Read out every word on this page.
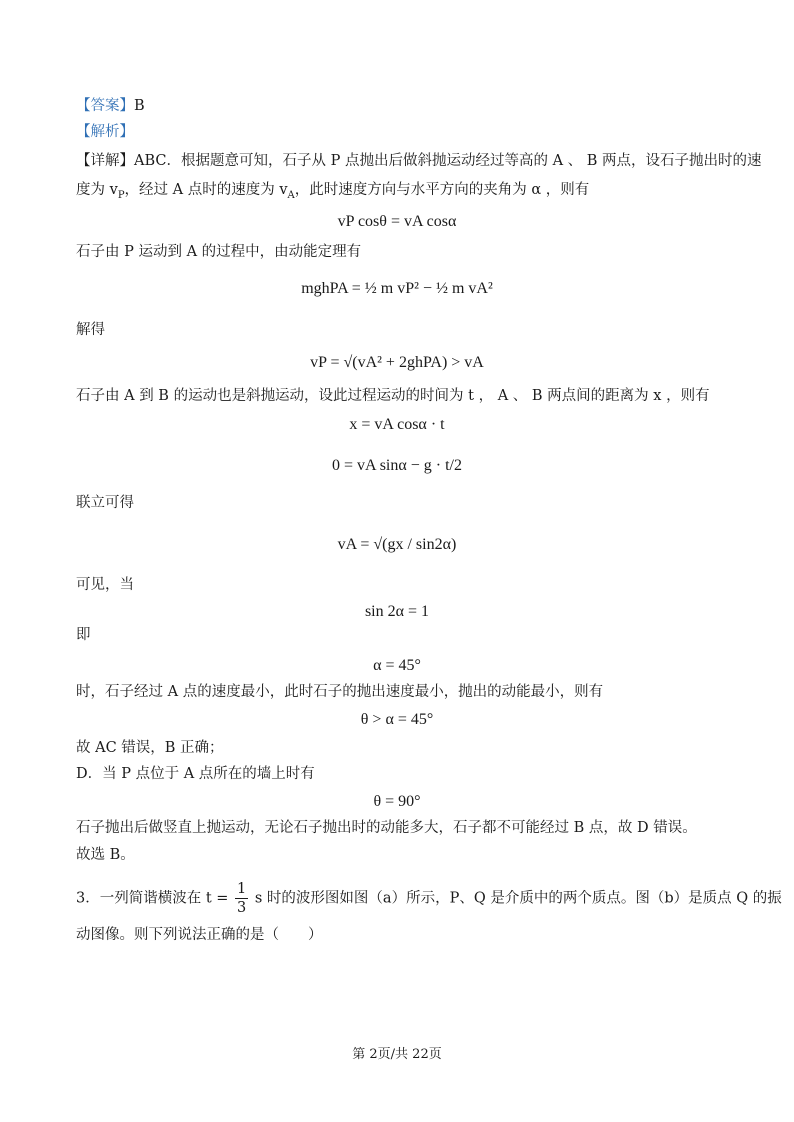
【答案】B
【解析】
【详解】ABC．根据题意可知，石子从 P 点抛出后做斜抛运动经过等高的 A 、 B 两点，设石子抛出时的速
度为 $v_P$，经过 A 点时的速度为 $v_A$，此时速度方向与水平方向的夹角为 α ，则有
vP cosθ = vA cosα
石子由 P 运动到 A 的过程中，由动能定理有
mghPA = ½ m vP² − ½ m vA²
解得
vP = √(vA² + 2ghPA) > vA
石子由 A 到 B 的运动也是斜抛运动，设此过程运动的时间为 t ， A 、 B 两点间的距离为 x ，则有
x = vA cosα · t
0 = vA sinα − g · t/2
联立可得
vA = √(gx / sin2α)
可见，当
sin 2α = 1
即
α = 45°
时，石子经过 A 点的速度最小，此时石子的抛出速度最小，抛出的动能最小，则有
θ > α = 45°
故 AC 错误，B 正确；
D．当 P 点位于 A 点所在的墙上时有
θ = 90°
石子抛出后做竖直上抛运动，无论石子抛出时的动能多大，石子都不可能经过 B 点，故 D 错误。
故选 B。
3．一列简谐横波在 $t = \frac{1}{3}$ s 时的波形图如图（a）所示，P、Q 是介质中的两个质点。图（b）是质点 Q 的振
动图像。则下列说法正确的是（　　）
第 2页/共 22页
